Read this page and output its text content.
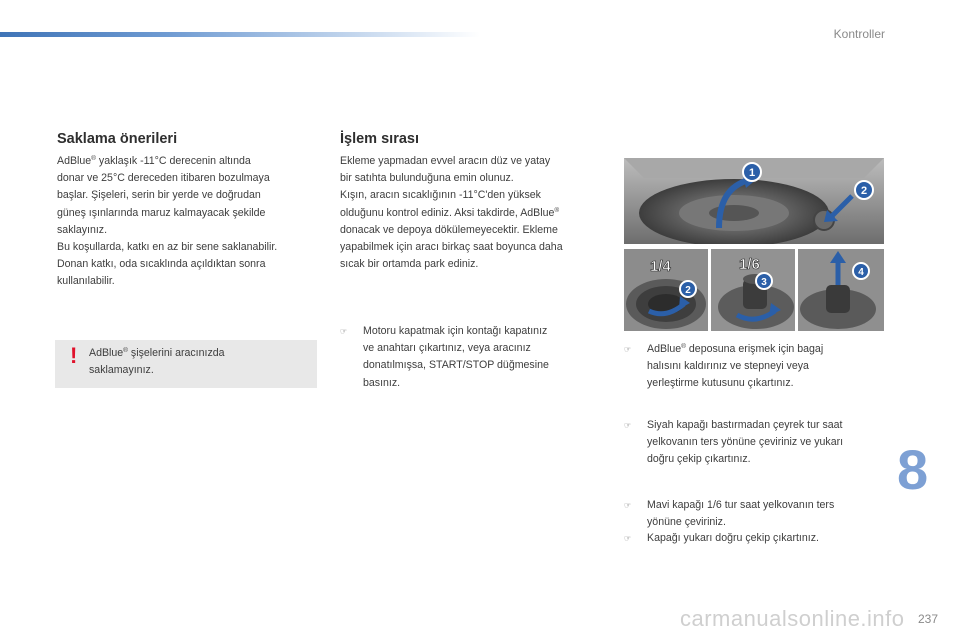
Kontroller
Saklama önerileri
AdBlue® yaklaşık -11°C derecenin altında
donar ve 25°C dereceden itibaren bozulmaya
başlar. Şişeleri, serin bir yerde ve doğrudan
güneş ışınlarında maruz kalmayacak şekilde
saklayınız.
Bu koşullarda, katkı en az bir sene saklanabilir.
Donan katkı, oda sıcaklında açıldıktan sonra
kullanılabilir.
! AdBlue® şişelerini aracınızda
saklamayınız.
İşlem sırası
Ekleme yapmadan evvel aracın düz ve yatay
bir satıhta bulunduğuna emin olunuz.
Kışın, aracın sıcaklığının -11°C'den yüksek
olduğunu kontrol ediniz. Aksi takdirde, AdBlue®
donacak ve depoya dökülemeyecektir. Ekleme
yapabilmek için aracı birkaç saat boyunca daha
sıcak bir ortamda park ediniz.
☞ Motoru kapatmak için kontağı kapatınız
ve anahtarı çıkartınız, veya aracınız
donatılmışsa, START/STOP düğmesine
basınız.
1
2
1/4
2
1/6
3
4
☞ AdBlue® deposuna erişmek için bagaj
halısını kaldırınız ve stepneyi veya
yerleştirme kutusunu çıkartınız.
☞ Siyah kapağı bastırmadan çeyrek tur saat
yelkovanın ters yönüne çeviriniz ve yukarı
doğru çekip çıkartınız.
☞ Mavi kapağı 1/6 tur saat yelkovanın ters
yönüne çeviriniz.
☞ Kapağı yukarı doğru çekip çıkartınız.
8
237
carmanualsonline.info
